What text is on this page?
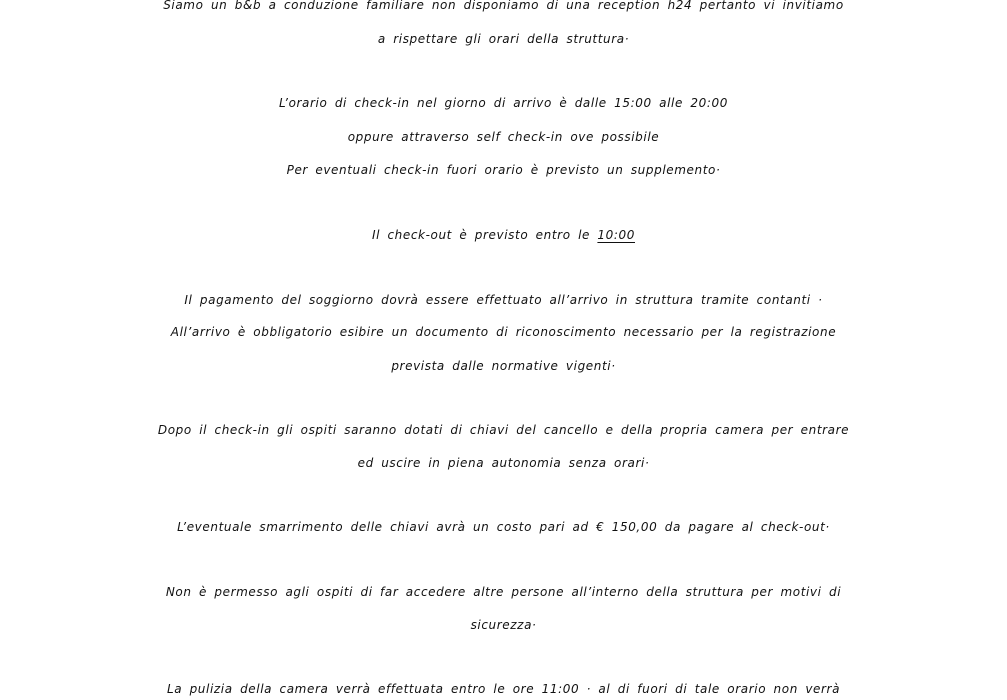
Siamo un b&b a conduzione familiare non disponiamo di una reception h24 pertanto vi invitiamo
a rispettare gli orari della struttura·
L’orario di check-in nel giorno di arrivo è dalle 15:00 alle 20:00
oppure attraverso self check-in ove possibile
Per eventuali check-in fuori orario è previsto un supplemento·
Il check-out è previsto entro le 10:00
Il pagamento del soggiorno dovrà essere effettuato all’arrivo in struttura tramite contanti ·
All’arrivo è obbligatorio esibire un documento di riconoscimento necessario per la registrazione
prevista dalle normative vigenti·
Dopo il check-in gli ospiti saranno dotati di chiavi del cancello e della propria camera per entrare
ed uscire in piena autonomia senza orari·
L’eventuale smarrimento delle chiavi avrà un costo pari ad € 150,00 da pagare al check-out·
Non è permesso agli ospiti di far accedere altre persone all’interno della struttura per motivi di
sicurezza·
La pulizia della camera verrà effettuata entro le ore 11:00 · al di fuori di tale orario non verrà
